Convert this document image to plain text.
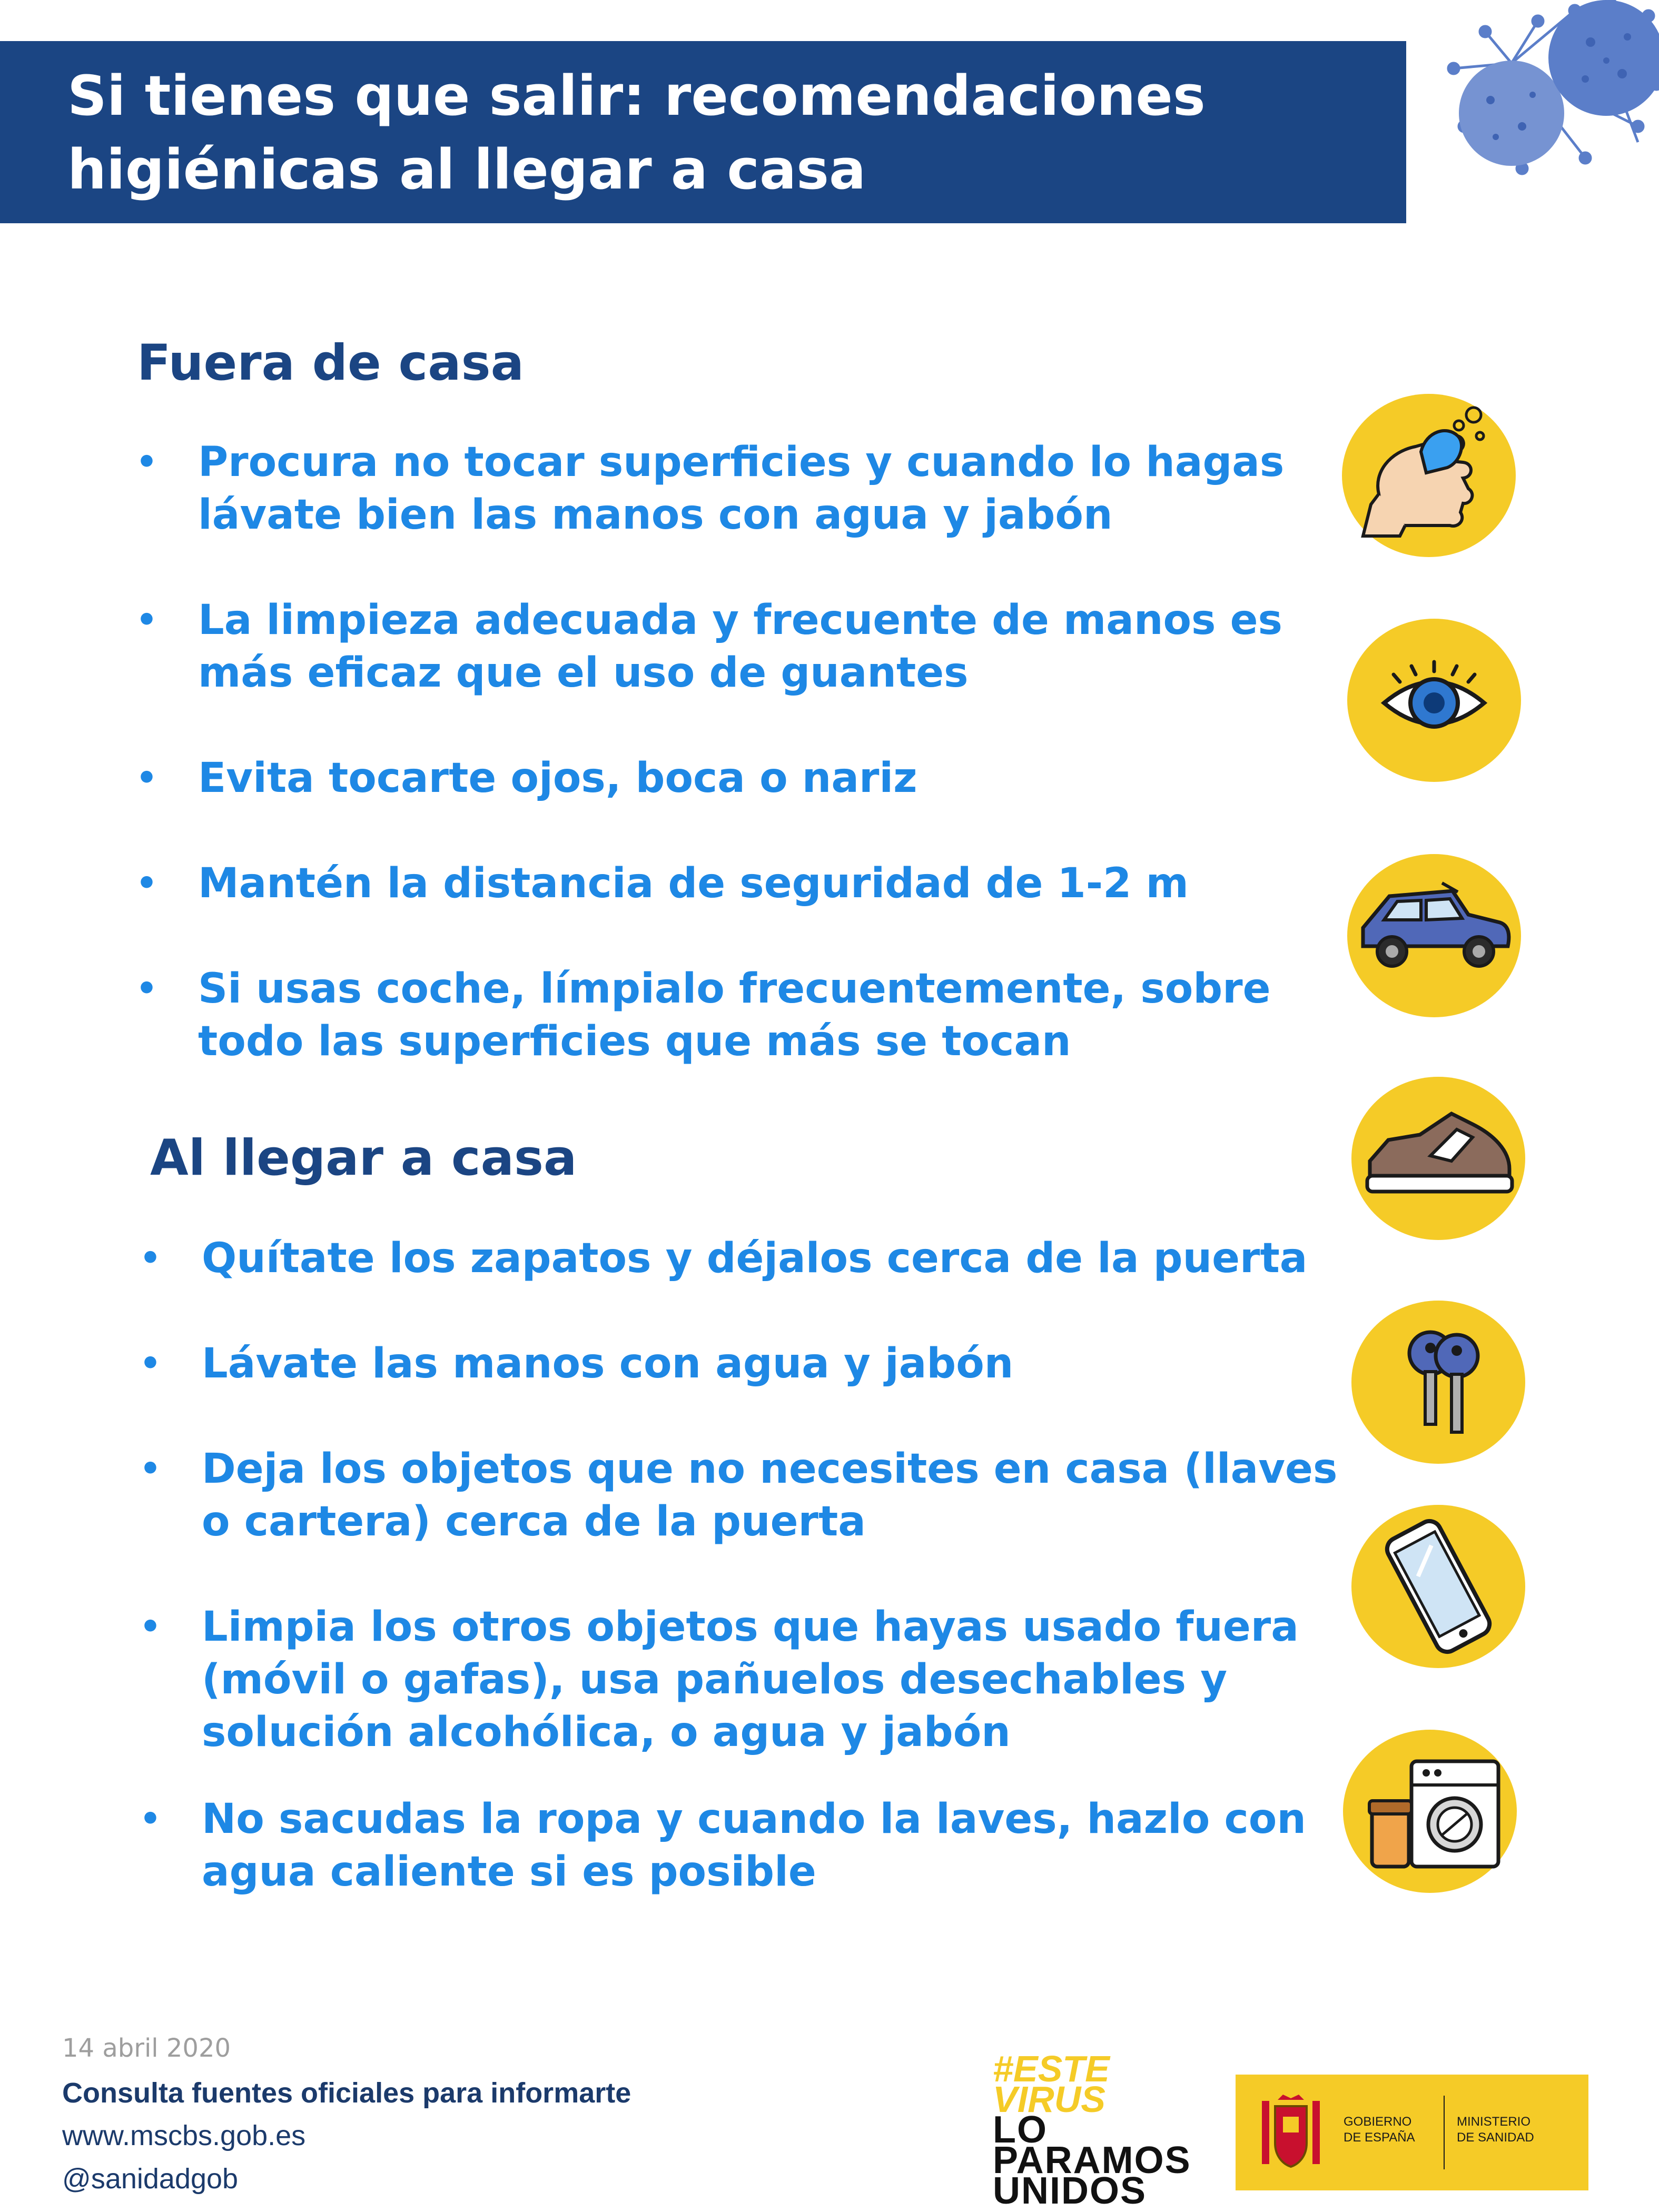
Si tienes que salir: recomendaciones
higiénicas al llegar a casa
Fuera de casa
• Procura no tocar superficies y cuando lo hagas
lávate bien las manos con agua y jabón
• La limpieza adecuada y frecuente de manos es
más eficaz que el uso de guantes
• Evita tocarte ojos, boca o nariz
• Mantén la distancia de seguridad de 1-2 m
• Si usas coche, límpialo frecuentemente, sobre
todo las superficies que más se tocan
Al llegar a casa
• Quítate los zapatos y déjalos cerca de la puerta
• Lávate las manos con agua y jabón
• Deja los objetos que no necesites en casa (llaves
o cartera) cerca de la puerta
• Limpia los otros objetos que hayas usado fuera
(móvil o gafas), usa pañuelos desechables y
solución alcohólica, o agua y jabón
• No sacudas la ropa y cuando la laves, hazlo con
agua caliente si es posible
14 abril 2020
Consulta fuentes oficiales para informarte
www.mscbs.gob.es
@sanidadgob
#ESTE
VIRUS
LO
PARAMOS
UNIDOS
GOBIERNO
DE ESPAÑA
MINISTERIO
DE SANIDAD
